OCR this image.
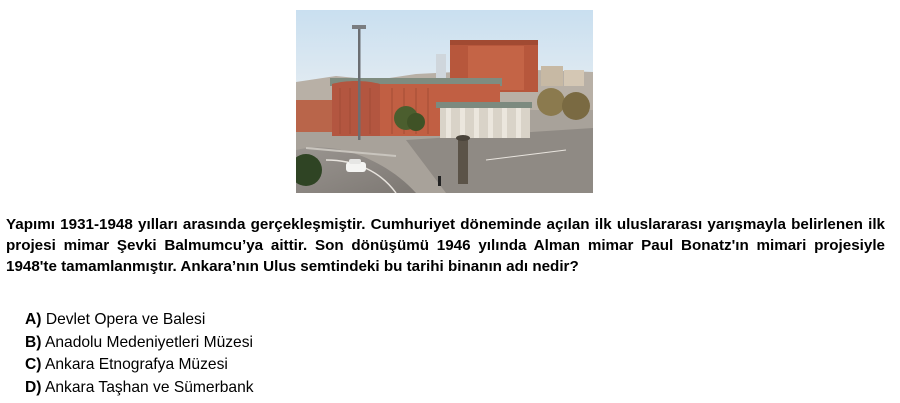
Yapımı 1931-1948 yılları arasında gerçekleşmiştir. Cumhuriyet döneminde açılan ilk uluslararası yarışmayla belirlenen ilk projesi mimar Şevki Balmumcu’ya aittir. Son dönüşümü 1946 yılında Alman mimar Paul Bonatz'ın mimari projesiyle 1948'te tamamlanmıştır. Ankara’nın Ulus semtindeki bu tarihi binanın adı nedir?

A) Devlet Opera ve Balesi
B) Anadolu Medeniyetleri Müzesi
C) Ankara Etnografya Müzesi
D) Ankara Taşhan ve Sümerbank
